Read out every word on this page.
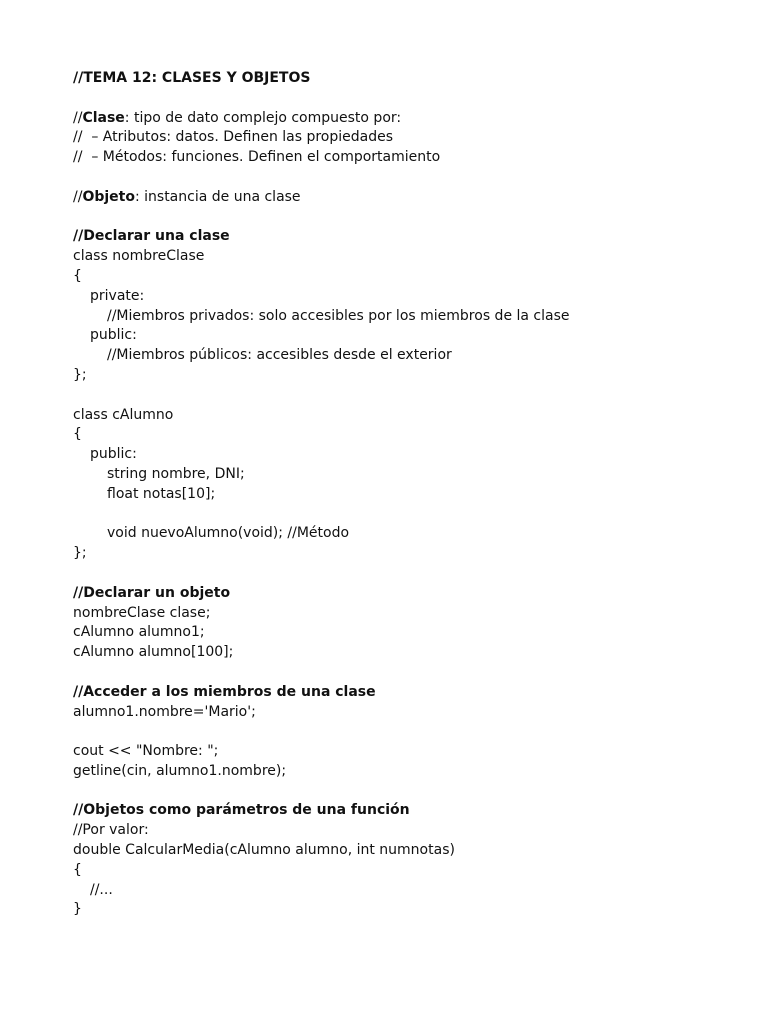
//TEMA 12: CLASES Y OBJETOS
//Clase: tipo de dato complejo compuesto por:
//  – Atributos: datos. Definen las propiedades
//  – Métodos: funciones. Definen el comportamiento
//Objeto: instancia de una clase
//Declarar una clase
class nombreClase
{
private:
//Miembros privados: solo accesibles por los miembros de la clase
public:
//Miembros públicos: accesibles desde el exterior
};
class cAlumno
{
public:
string nombre, DNI;
float notas[10];
void nuevoAlumno(void); //Método
};
//Declarar un objeto
nombreClase clase;
cAlumno alumno1;
cAlumno alumno[100];
//Acceder a los miembros de una clase
alumno1.nombre='Mario';
cout << "Nombre: ";
getline(cin, alumno1.nombre);
//Objetos como parámetros de una función
//Por valor:
double CalcularMedia(cAlumno alumno, int numnotas)
{
//...
}
